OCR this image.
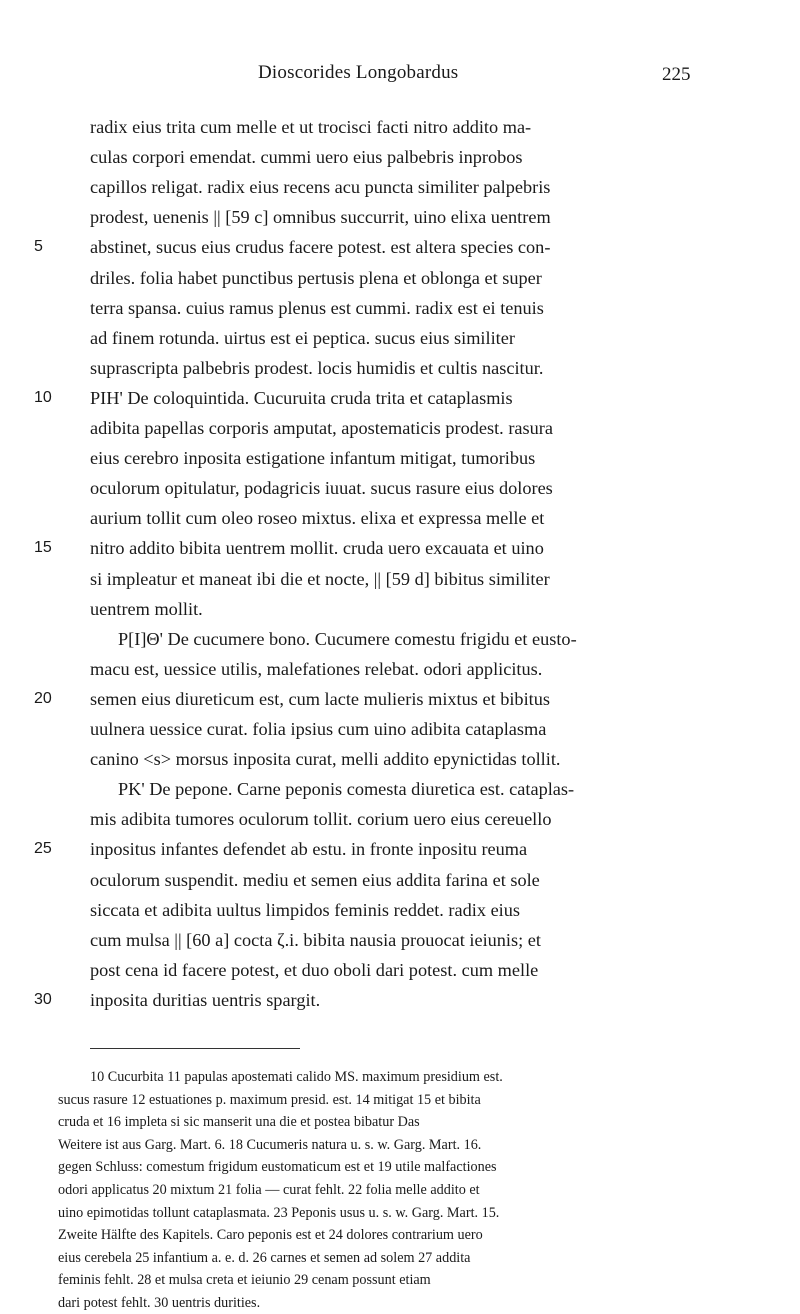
Dioscorides Longobardus	225
radix eius trita cum melle et ut trocisci facti nitro addito ma-
culas corpori emendat. cummi uero eius palbebris inprobos
capillos religat. radix eius recens acu puncta similiter palpebris
prodest, uenenis || [59 c] omnibus succurrit, uino elixa uentrem
5	abstinet, sucus eius crudus facere potest. est altera species con-
driles. folia habet punctibus pertusis plena et oblonga et super
terra spansa. cuius ramus plenus est cummi. radix est ei tenuis
ad finem rotunda. uirtus est ei peptica. sucus eius similiter
suprascripta palbebris prodest. locis humidis et cultis nascitur.
10	PIH' De coloquintida. Cucuruita cruda trita et cataplasmis
adibita papellas corporis amputat, apostematicis prodest. rasura
eius cerebro inposita estigatione infantum mitigat, tumoribus
oculorum opitulatur, podagricis iuuat. sucus rasure eius dolores
aurium tollit cum oleo roseo mixtus. elixa et expressa melle et
15	nitro addito bibita uentrem mollit. cruda uero excauata et uino
si impleatur et maneat ibi die et nocte, || [59 d] bibitus similiter
uentrem mollit.
P[I]Θ' De cucumere bono. Cucumere comestu frigidu et eusto-
macu est, uessice utilis, malefationes relebat. odori applicitus.
20	semen eius diureticum est, cum lacte mulieris mixtus et bibitus
uulnera uessice curat. folia ipsius cum uino adibita cataplasma
canino <s> morsus inposita curat, melli addito epynictidas tollit.
PK' De pepone. Carne peponis comesta diuretica est. cataplas-
mis adibita tumores oculorum tollit. corium uero eius cereuello
25	inpositus infantes defendet ab estu. in fronte inpositu reuma
oculorum suspendit. mediu et semen eius addita farina et sole
siccata et adibita uultus limpidos feminis reddet. radix eius
cum mulsa || [60 a] cocta ζ.i. bibita nausia prouocat ieiunis; et
post cena id facere potest, et duo oboli dari potest. cum melle
30	inposita duritias uentris spargit.
10 Cucurbita 11 papulas apostemati calido MS. maximum presidium est.
sucus rasure 12 estuationes p. maximum presid. est. 14 mitigat 15 et bibita
cruda et 16 impleta si sic manserit una die et postea bibatur Das
Weitere ist aus Garg. Mart. 6. 18 Cucumeris natura u. s. w. Garg. Mart. 16.
gegen Schluss: comestum frigidum eustomaticum est et 19 utile malfactiones
odori applicatus 20 mixtum 21 folia — curat fehlt. 22 folia melle addito et
uino epimotidas tollunt cataplasmata. 23 Peponis usus u. s. w. Garg. Mart. 15.
Zweite Hälfte des Kapitels. Caro peponis est et 24 dolores contrarium uero
eius cerebela 25 infantium a. e. d. 26 carnes et semen ad solem 27 addita
feminis fehlt. 28 et mulsa creta et ieiunio 29 cenam possunt etiam
dari potest fehlt. 30 uentris durities.
